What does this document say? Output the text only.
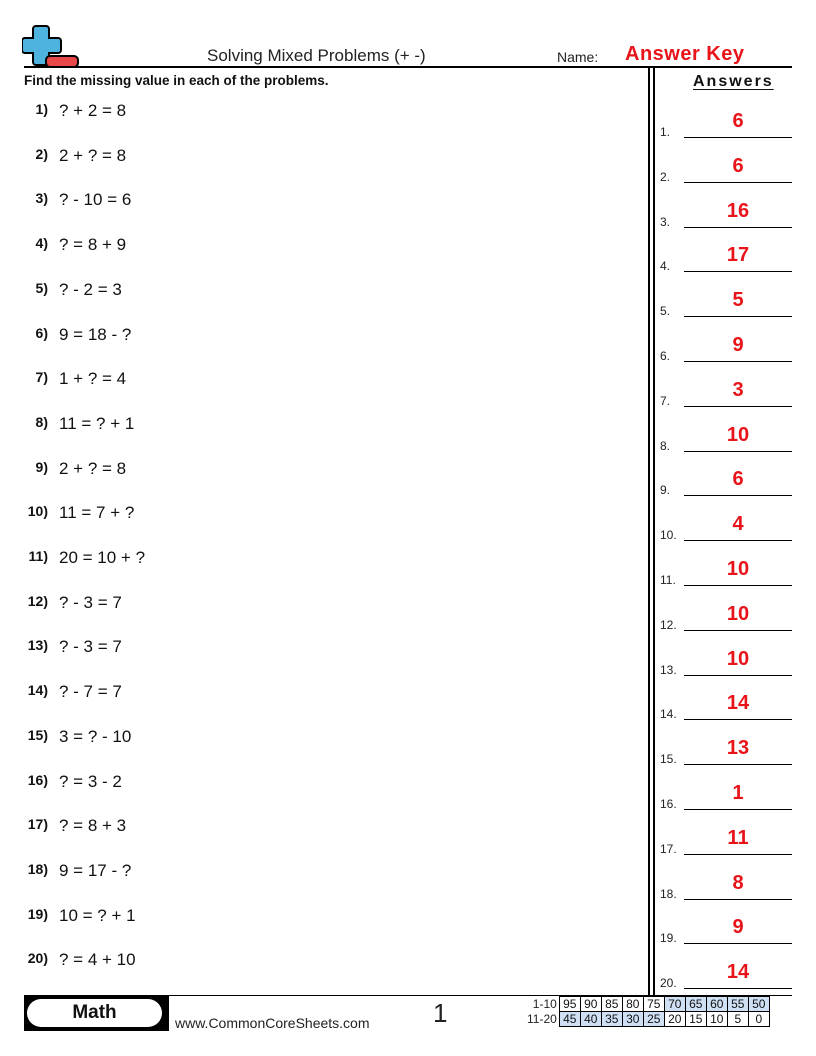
Solving Mixed Problems (+ -)	Name: Answer Key
Find the missing value in each of the problems.
1) ? + 2 = 8
2) 2 + ? = 8
3) ? - 10 = 6
4) ? = 8 + 9
5) ? - 2 = 3
6) 9 = 18 - ?
7) 1 + ? = 4
8) 11 = ? + 1
9) 2 + ? = 8
10) 11 = 7 + ?
11) 20 = 10 + ?
12) ? - 3 = 7
13) ? - 3 = 7
14) ? - 7 = 7
15) 3 = ? - 10
16) ? = 3 - 2
17) ? = 8 + 3
18) 9 = 17 - ?
19) 10 = ? + 1
20) ? = 4 + 10
Answers
1.	6
2.	6
3.	16
4.	17
5.	5
6.	9
7.	3
8.	10
9.	6
10.	4
11.	10
12.	10
13.	10
14.	14
15.	13
16.	1
17.	11
18.	8
19.	9
20.	14
Math	www.CommonCoreSheets.com 1	1-10	95	90	85	80	75	70	65	60	55	50
11-20	45	40	35	30	25	20	15	10	5	0
